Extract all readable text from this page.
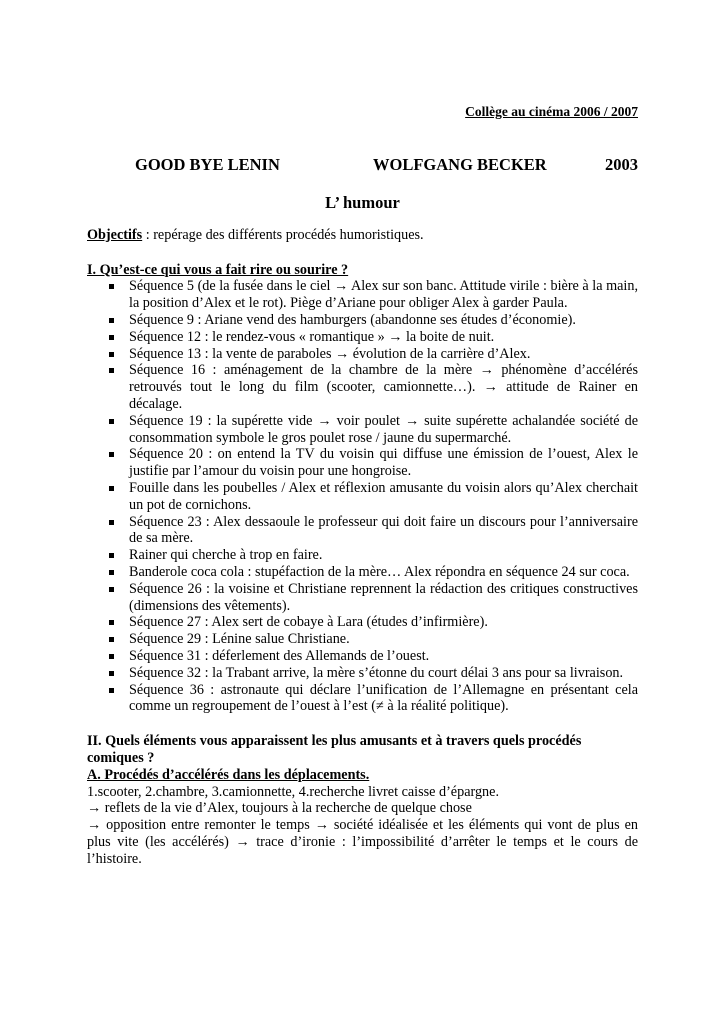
Collège au cinéma 2006 / 2007
GOOD BYE LENIN	WOLFGANG BECKER	2003
L’ humour
Objectifs : repérage des différents procédés humoristiques.
I. Qu’est-ce qui vous a fait rire ou sourire ?
Séquence 5 (de la fusée dans le ciel → Alex sur son banc. Attitude virile : bière à la main, la position d’Alex et le rot). Piège d’Ariane pour obliger Alex à garder Paula.
Séquence 9 : Ariane vend des hamburgers (abandonne ses études d’économie).
Séquence 12 : le rendez-vous « romantique » → la boite de nuit.
Séquence 13 : la vente de paraboles → évolution de la carrière d’Alex.
Séquence 16 : aménagement de la chambre de la mère → phénomène d’accélérés retrouvés tout le long du film (scooter, camionnette…). → attitude de Rainer en décalage.
Séquence 19 : la supérette vide → voir poulet → suite supérette achalandée société de consommation symbole le gros poulet rose / jaune du supermarché.
Séquence 20 : on entend la TV du voisin qui diffuse une émission de l’ouest, Alex le justifie par l’amour du voisin pour une hongroise.
Fouille dans les poubelles / Alex et réflexion amusante du voisin alors qu’Alex cherchait un pot de cornichons.
Séquence 23 : Alex dessaoule le professeur qui doit faire un discours pour l’anniversaire de sa mère.
Rainer qui cherche à trop en faire.
Banderole coca cola : stupéfaction de la mère… Alex répondra en séquence 24 sur coca.
Séquence 26 : la voisine et Christiane reprennent la rédaction des critiques constructives (dimensions des vêtements).
Séquence 27 : Alex sert de cobaye à Lara (études d’infirmière).
Séquence 29 : Lénine salue Christiane.
Séquence 31 : déferlement des Allemands de l’ouest.
Séquence 32 : la Trabant arrive, la mère s’étonne du court délai 3 ans pour sa livraison.
Séquence 36 : astronaute qui déclare l’unification de l’Allemagne en présentant cela comme un regroupement de l’ouest à l’est (≠ à la réalité politique).
II. Quels éléments vous apparaissent les plus amusants et à travers quels procédés comiques ?
A. Procédés d’accélérés dans les déplacements.
1.scooter, 2.chambre, 3.camionnette, 4.recherche livret caisse d’épargne.
→ reflets de la vie d’Alex, toujours à la recherche de quelque chose
→ opposition entre remonter le temps → société idéalisée et les éléments qui vont de plus en plus vite (les accélérés) → trace d’ironie : l’impossibilité d’arrêter le temps et le cours de l’histoire.
